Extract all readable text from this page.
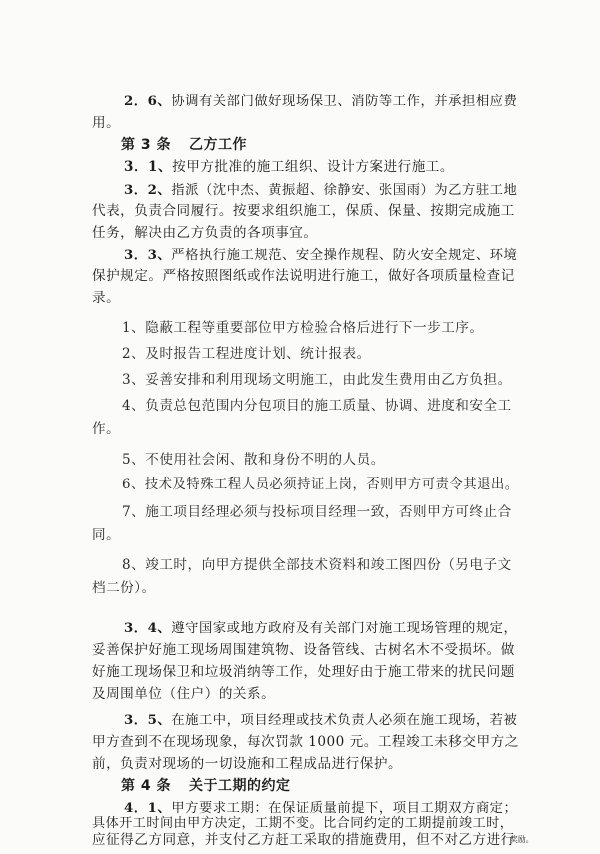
2．6、协调有关部门做好现场保卫、消防等工作，并承担相应费

用。

第 3 条 乙方工作

3．1、按甲方批准的施工组织、设计方案进行施工。

3．2、指派（沈中杰、黄振超、徐静安、张国雨）为乙方驻工地

代表，负责合同履行。按要求组织施工，保质、保量、按期完成施工

任务，解决由乙方负责的各项事宜。

3．3、严格执行施工规范、安全操作规程、防火安全规定、环境

保护规定。严格按照图纸或作法说明进行施工，做好各项质量检查记

录。

1、隐蔽工程等重要部位甲方检验合格后进行下一步工序。

2、及时报告工程进度计划、统计报表。

3、妥善安排和利用现场文明施工，由此发生费用由乙方负担。

4、负责总包范围内分包项目的施工质量、协调、进度和安全工

作。

5、不使用社会闲、散和身份不明的人员。

6、技术及特殊工程人员必须持证上岗，否则甲方可责令其退出。

7、施工项目经理必须与投标项目经理一致，否则甲方可终止合

同。

8、竣工时，向甲方提供全部技术资料和竣工图四份（另电子文

档二份）。

3．4、遵守国家或地方政府及有关部门对施工现场管理的规定，

妥善保护好施工现场周围建筑物、设备管线、古树名木不受损坏。做

好施工现场保卫和垃圾消纳等工作，处理好由于施工带来的扰民问题

及周围单位（住户）的关系。

3．5、在施工中，项目经理或技术负责人必须在施工现场，若被

甲方查到不在现场现象，每次罚款 1000 元。工程竣工未移交甲方之

前，负责对现场的一切设施和工程成品进行保护。

第 4 条 关于工期的约定

4．1、甲方要求工期：在保证质量前提下，项目工期双方商定；

具体开工时间由甲方决定，工期不变。比合同约定的工期提前竣工时，

应征得乙方同意，并支付乙方赶工采取的措施费用，但不对乙方进行

奖励。
